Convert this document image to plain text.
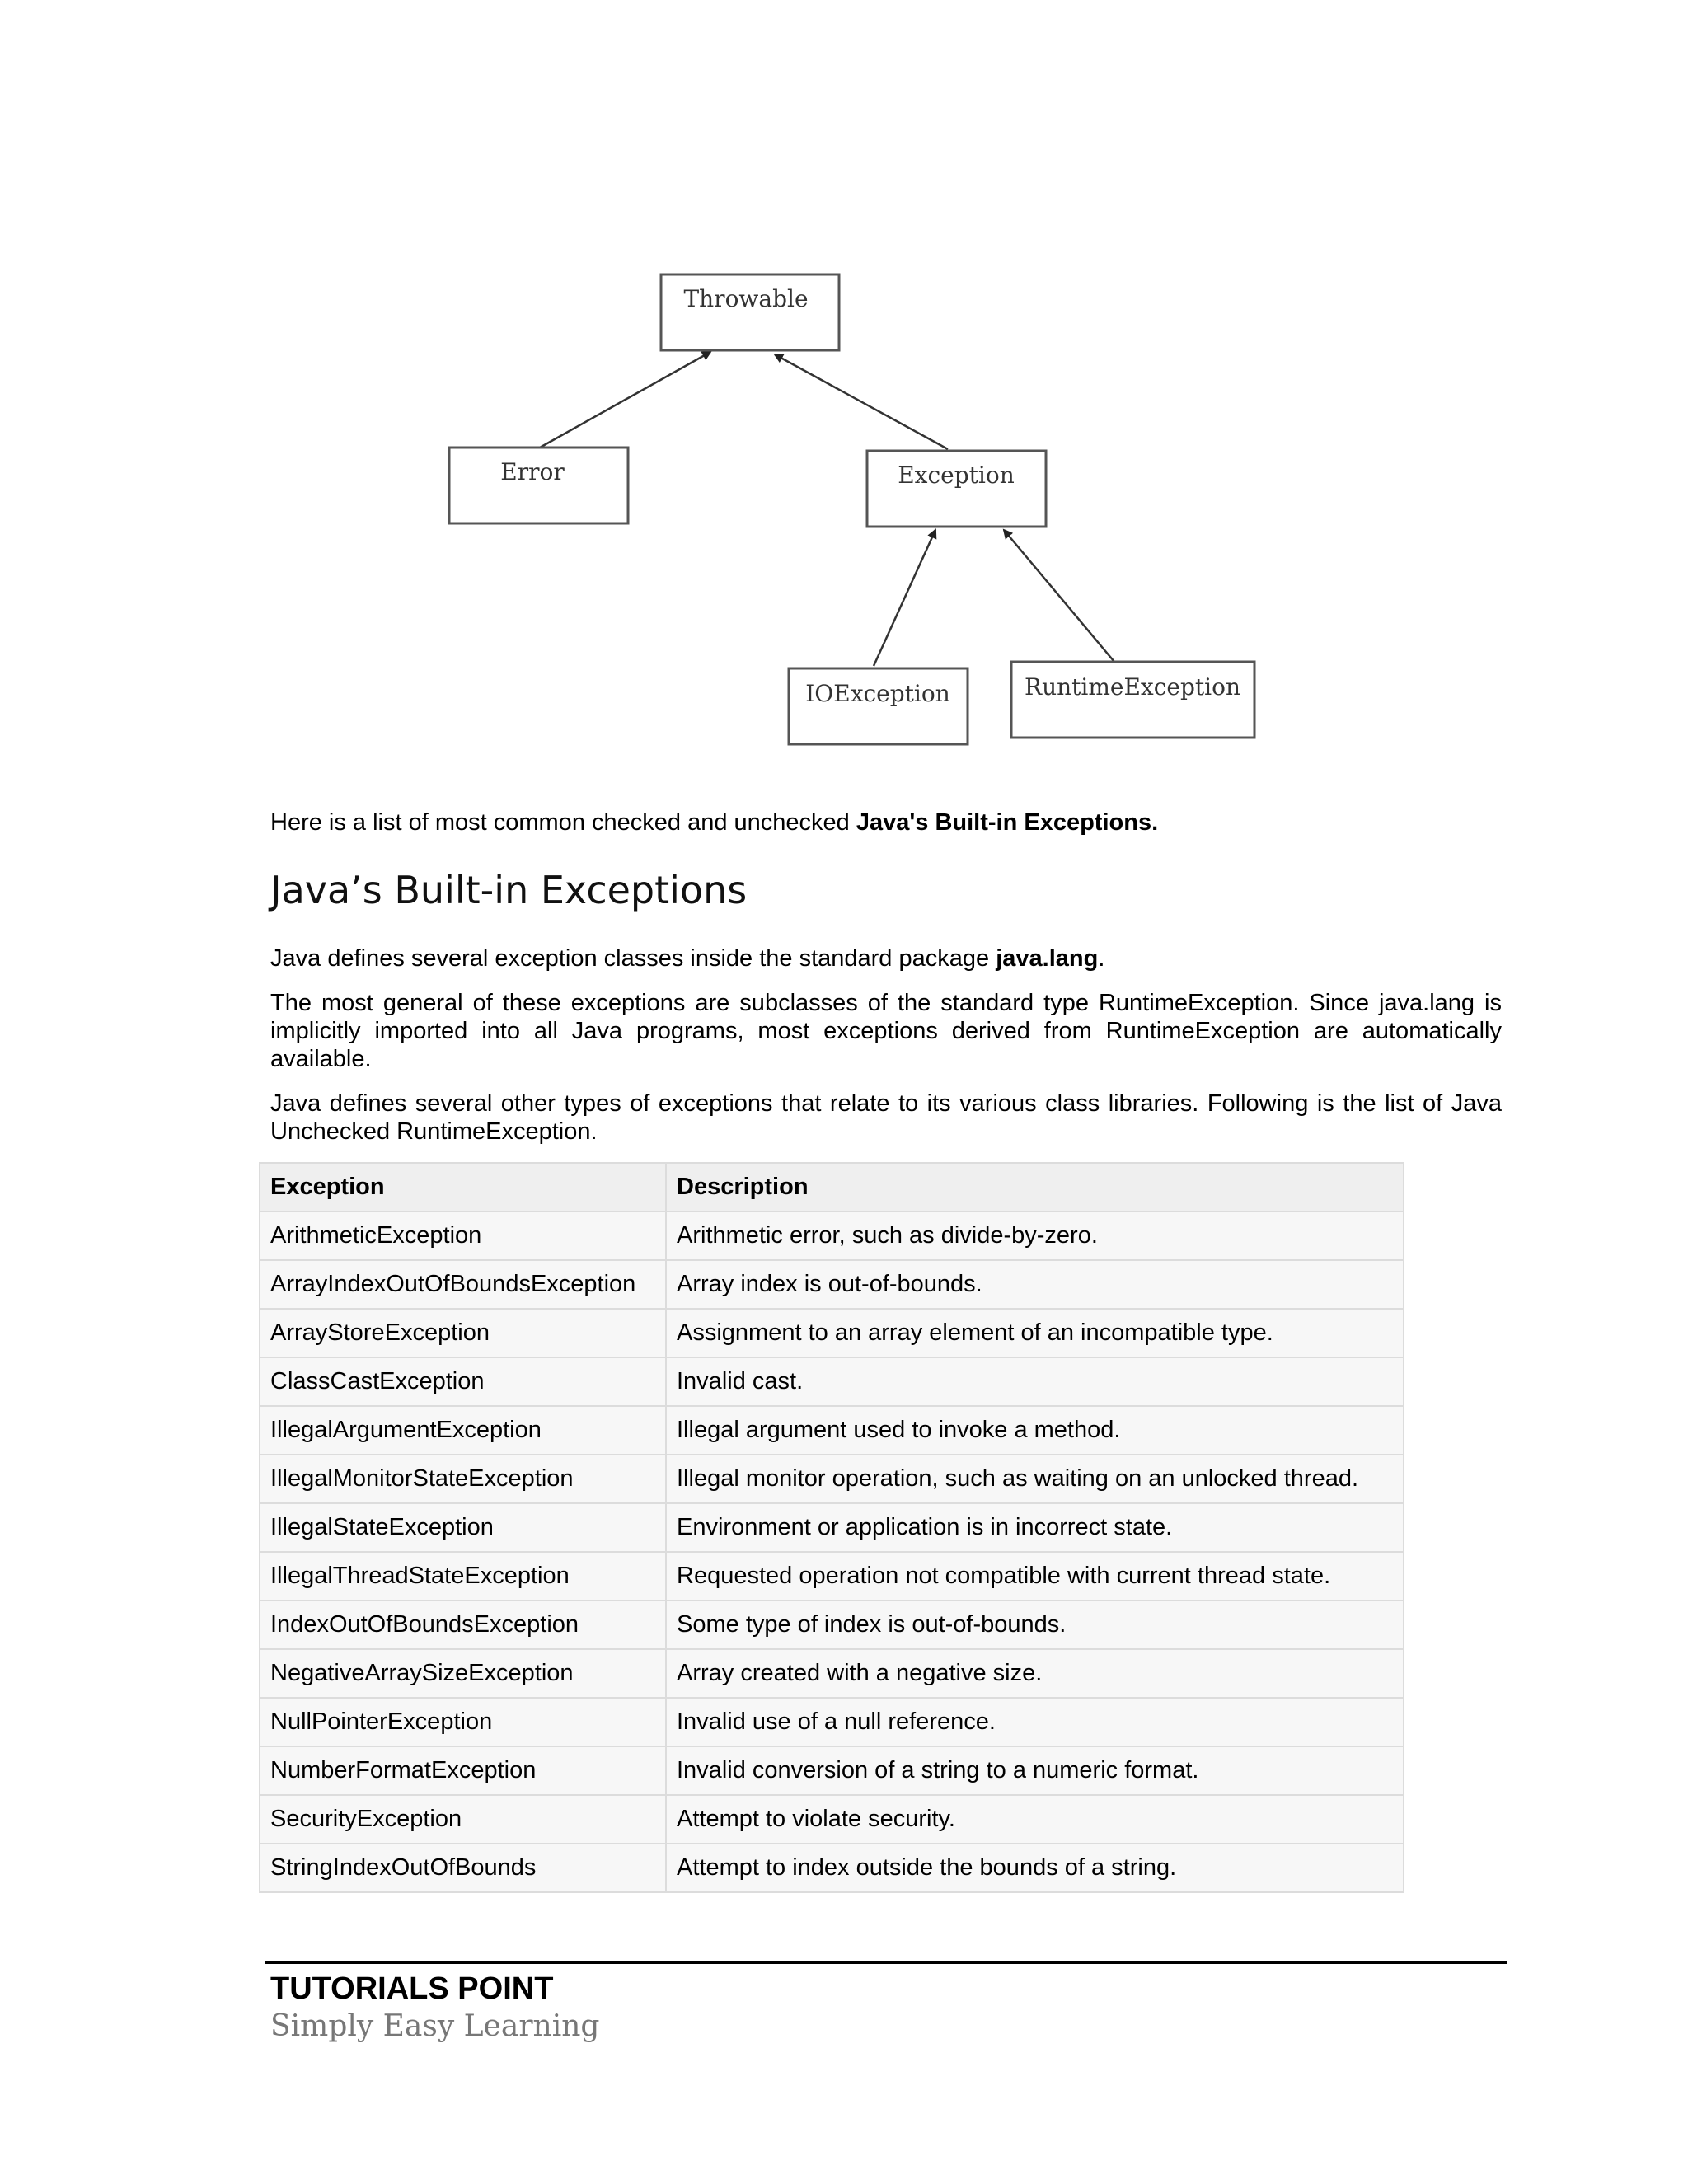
Throwable
Error	Exception
IOException	RuntimeException
Here is a list of most common checked and unchecked Java's Built-in Exceptions.
Java’s Built-in Exceptions

Java defines several exception classes inside the standard package java.lang.

The most general of these exceptions are subclasses of the standard type RuntimeException. Since java.lang is implicitly imported into all Java programs, most exceptions derived from RuntimeException are automatically available.

Java defines several other types of exceptions that relate to its various class libraries. Following is the list of Java Unchecked RuntimeException.

Exception	Description
ArithmeticException	Arithmetic error, such as divide-by-zero.
ArrayIndexOutOfBoundsException	Array index is out-of-bounds.
ArrayStoreException	Assignment to an array element of an incompatible type.
ClassCastException	Invalid cast.
IllegalArgumentException	Illegal argument used to invoke a method.
IllegalMonitorStateException	Illegal monitor operation, such as waiting on an unlocked thread.
IllegalStateException	Environment or application is in incorrect state.
IllegalThreadStateException	Requested operation not compatible with current thread state.
IndexOutOfBoundsException	Some type of index is out-of-bounds.
NegativeArraySizeException	Array created with a negative size.
NullPointerException	Invalid use of a null reference.
NumberFormatException	Invalid conversion of a string to a numeric format.
SecurityException	Attempt to violate security.
StringIndexOutOfBounds	Attempt to index outside the bounds of a string.
TUTORIALS POINT
Simply Easy Learning
